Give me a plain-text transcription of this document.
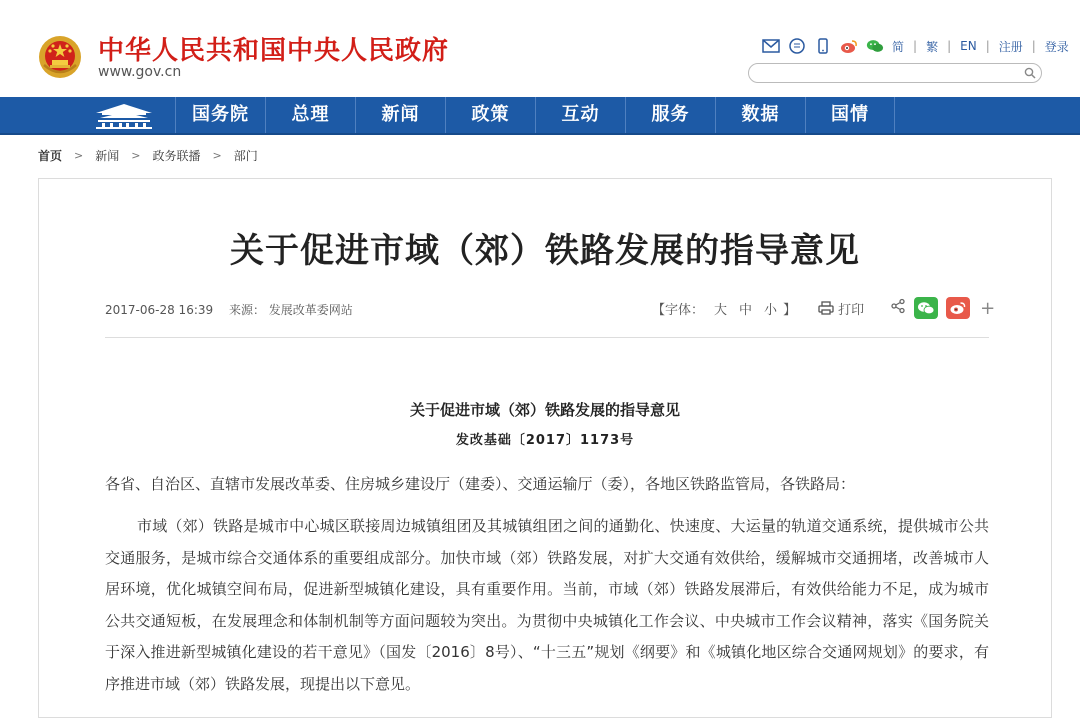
中华人民共和国中央人民政府
www.gov.cn
简 | 繁 | EN | 注册 | 登录
国务院	总理	新闻	政策	互动	服务	数据	国情
首页 > 新闻 > 政务联播 > 部门
关于促进市域（郊）铁路发展的指导意见
2017-06-28 16:39 来源： 发展改革委网站	【字体： 大 中 小 】	打印	+
关于促进市域（郊）铁路发展的指导意见
发改基础〔2017〕1173号
各省、自治区、直辖市发展改革委、住房城乡建设厅（建委）、交通运输厅（委），各地区铁路监管局，各铁路局：
市域（郊）铁路是城市中心城区联接周边城镇组团及其城镇组团之间的通勤化、快速度、大运量的轨道交通系统，提供城市公共交通服务，是城市综合交通体系的重要组成部分。加快市域（郊）铁路发展，对扩大交通有效供给，缓解城市交通拥堵，改善城市人居环境，优化城镇空间布局，促进新型城镇化建设，具有重要作用。当前，市域（郊）铁路发展滞后，有效供给能力不足，成为城市公共交通短板，在发展理念和体制机制等方面问题较为突出。为贯彻中央城镇化工作会议、中央城市工作会议精神，落实《国务院关于深入推进新型城镇化建设的若干意见》（国发〔2016〕8号）、“十三五”规划《纲要》和《城镇化地区综合交通网规划》的要求，有序推进市域（郊）铁路发展，现提出以下意见。
